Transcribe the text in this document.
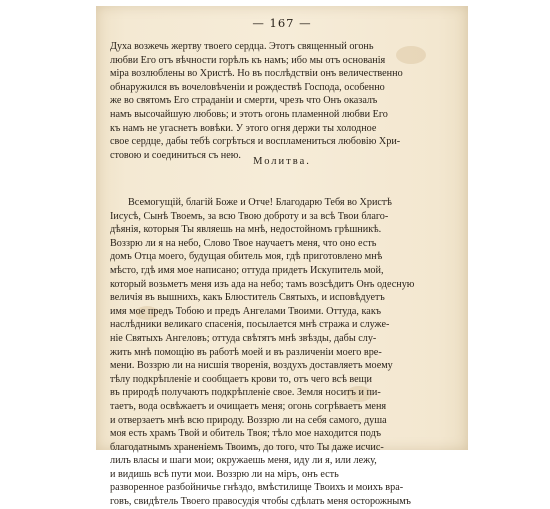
— 167 —
Духа возжечь жертву твоего сердца. Этотъ священный огонь
любви Его отъ вѣчности горѣлъ къ намъ; ибо мы отъ основанія
міра возлюблены во Христѣ. Но въ послѣдствіи онъ величественно
обнаружился въ вочеловѣченіи и рождествѣ Господа, особенно
же во святомъ Его страданіи и смерти, чрезъ что Онъ оказалъ
намъ высочайшую любовь; и этотъ огонь пламенной любви Его
къ намъ не угаснетъ вовѣки. У этого огня держи ты холодное
свое сердце, дабы тебѣ согрѣться и воспламениться любовію Хри-
стовою и соединиться съ нею.
Молитва.
Всемогущій, благій Боже и Отче! Благодарю Тебя во Христѣ
Іисусѣ, Сынѣ Твоемъ, за всю Твою доброту и за всѣ Твои благо-
дѣянія, которыя Ты являешь на мнѣ, недостойномъ грѣшникѣ.
Воззрю ли я на небо, Слово Твое научаетъ меня, что оно есть
домъ Отца моего, будущая обитель моя, гдѣ приготовлено мнѣ
мѣсто, гдѣ имя мое написано; оттуда придетъ Искупитель мой,
который возьметъ меня изъ ада на небо; тамъ возсѣдитъ Онъ одесную
величія въ вышнихъ, какъ Блюститель Святыхъ, и исповѣдуетъ
имя мое предъ Тобою и предъ Ангелами Твоими. Оттуда, какъ
наслѣдники великаго спасенія, посылается мнѣ стража и служе-
ніе Святыхъ Ангеловъ; оттуда свѣтятъ мнѣ звѣзды, дабы слу-
жить мнѣ помощію въ работѣ моей и въ различеніи моего вре-
мени. Воззрю ли на нисшія творенія, воздухъ доставляетъ моему
тѣлу подкрѣпленіе и сообщаетъ крови то, отъ чего всѣ вещи
въ природѣ получаютъ подкрѣпленіе свое. Земля носитъ и пи-
таетъ, вода освѣжаетъ и очищаетъ меня; огонь согрѣваетъ меня
и отверзаетъ мнѣ всю природу. Воззрю ли на себя самого, душа
моя есть храмъ Твой и обитель Твоя; тѣло мое находится подъ
благодатнымъ храненіемъ Твоимъ, до того, что Ты даже исчис-
лилъ власы и шаги мои; окружаешь меня, иду ли я, или лежу,
и видишь всѣ пути мои. Воззрю ли на міръ, онъ есть
разворенное разбойничье гнѣздо, вмѣстилище Твоихъ и моихъ вра-
говъ, свидѣтель Твоего правосудія чтобы сдѣлать меня осторожнымъ
